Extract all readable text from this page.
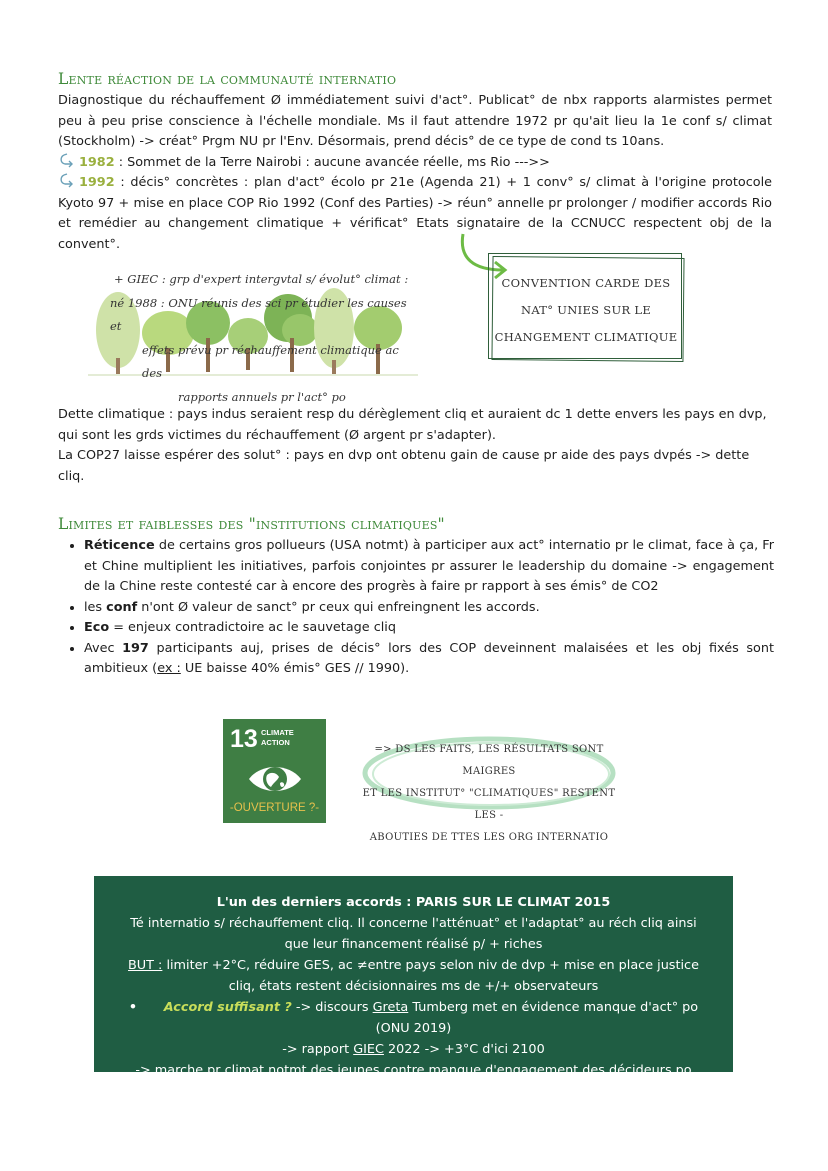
Lente réaction de la communauté internatio

Diagnostique du réchauffement Ø immédiatement suivi d'act°. Publicat° de nbx rapports alarmistes permet peu à peu prise conscience à l'échelle mondiale. Ms il faut attendre 1972 pr qu'ait lieu la 1e conf s/ climat (Stockholm) -> créat° Prgm NU pr l'Env. Désormais, prend décis° de ce type de cond ts 10ans.

1982 : Sommet de la Terre Nairobi : aucune avancée réelle, ms Rio --->>

1992 : décis° concrètes : plan d'act° écolo pr 21e (Agenda 21) + 1 conv° s/ climat à l'origine protocole Kyoto 97 + mise en place COP Rio 1992 (Conf des Parties) -> réun° annelle pr prolonger / modifier accords Rio et remédier au changement climatique + vérificat° Etats signataire de la CCNUCC respectent obj de la convent°.

+ GIEC : grp d'expert intergvtal s/ évolut° climat :
né 1988 : ONU réunis des sci pr étudier les causes et
effets prévu pr réchauffement climatique ac des
rapports annuels pr l'act° po
CONVENTION CARDE DES
NAT° UNIES SUR LE
CHANGEMENT CLIMATIQUE

Dette climatique : pays indus seraient resp du dérèglement cliq et auraient dc 1 dette envers les pays en dvp, qui sont les grds victimes du réchauffement (Ø argent pr s'adapter).

La COP27 laisse espérer des solut° : pays en dvp ont obtenu gain de cause pr aide des pays dvpés -> dette cliq.

Limites et faiblesses des "institutions climatiques"
• Réticence de certains gros pollueurs (USA notmt) à participer aux act° internatio pr le climat, face à ça, Fr et Chine multiplient les initiatives, parfois conjointes pr assurer le leadership du domaine -> engagement de la Chine reste contesté car à encore des progrès à faire pr rapport à ses émis° de CO2
• les conf n'ont Ø valeur de sanct° pr ceux qui enfreingnent les accords.
• Eco = enjeux contradictoire ac le sauvetage cliq
• Avec 197 participants auj, prises de décis° lors des COP deveinnent malaisées et les obj fixés sont ambitieux (ex : UE baisse 40% émis° GES // 1990).
13 CLIMATE
ACTION
-OUVERTURE ?-
=> DS LES FAITS, LES RÉSULTATS SONT MAIGRES
ET LES INSTITUT° "CLIMATIQUES" RESTENT LES -
ABOUTIES DE TTES LES ORG INTERNATIO
L'un des derniers accords : PARIS SUR LE CLIMAT 2015
Té internatio s/ réchauffement cliq. Il concerne l'atténuat° et l'adaptat° au réch cliq ainsi que leur financement réalisé p/ + riches
BUT : limiter +2°C, réduire GES, ac ≠entre pays selon niv de dvp + mise en place justice cliq, états restent décisionnaires ms de +/+ observateurs
•      Accord suffisant ? -> discours Greta Tumberg met en évidence manque d'act° po (ONU 2019)
-> rapport GIEC 2022 -> +3°C d'ici 2100
-> marche pr climat notmt des jeunes contre manque d'engagement des décideurs po
